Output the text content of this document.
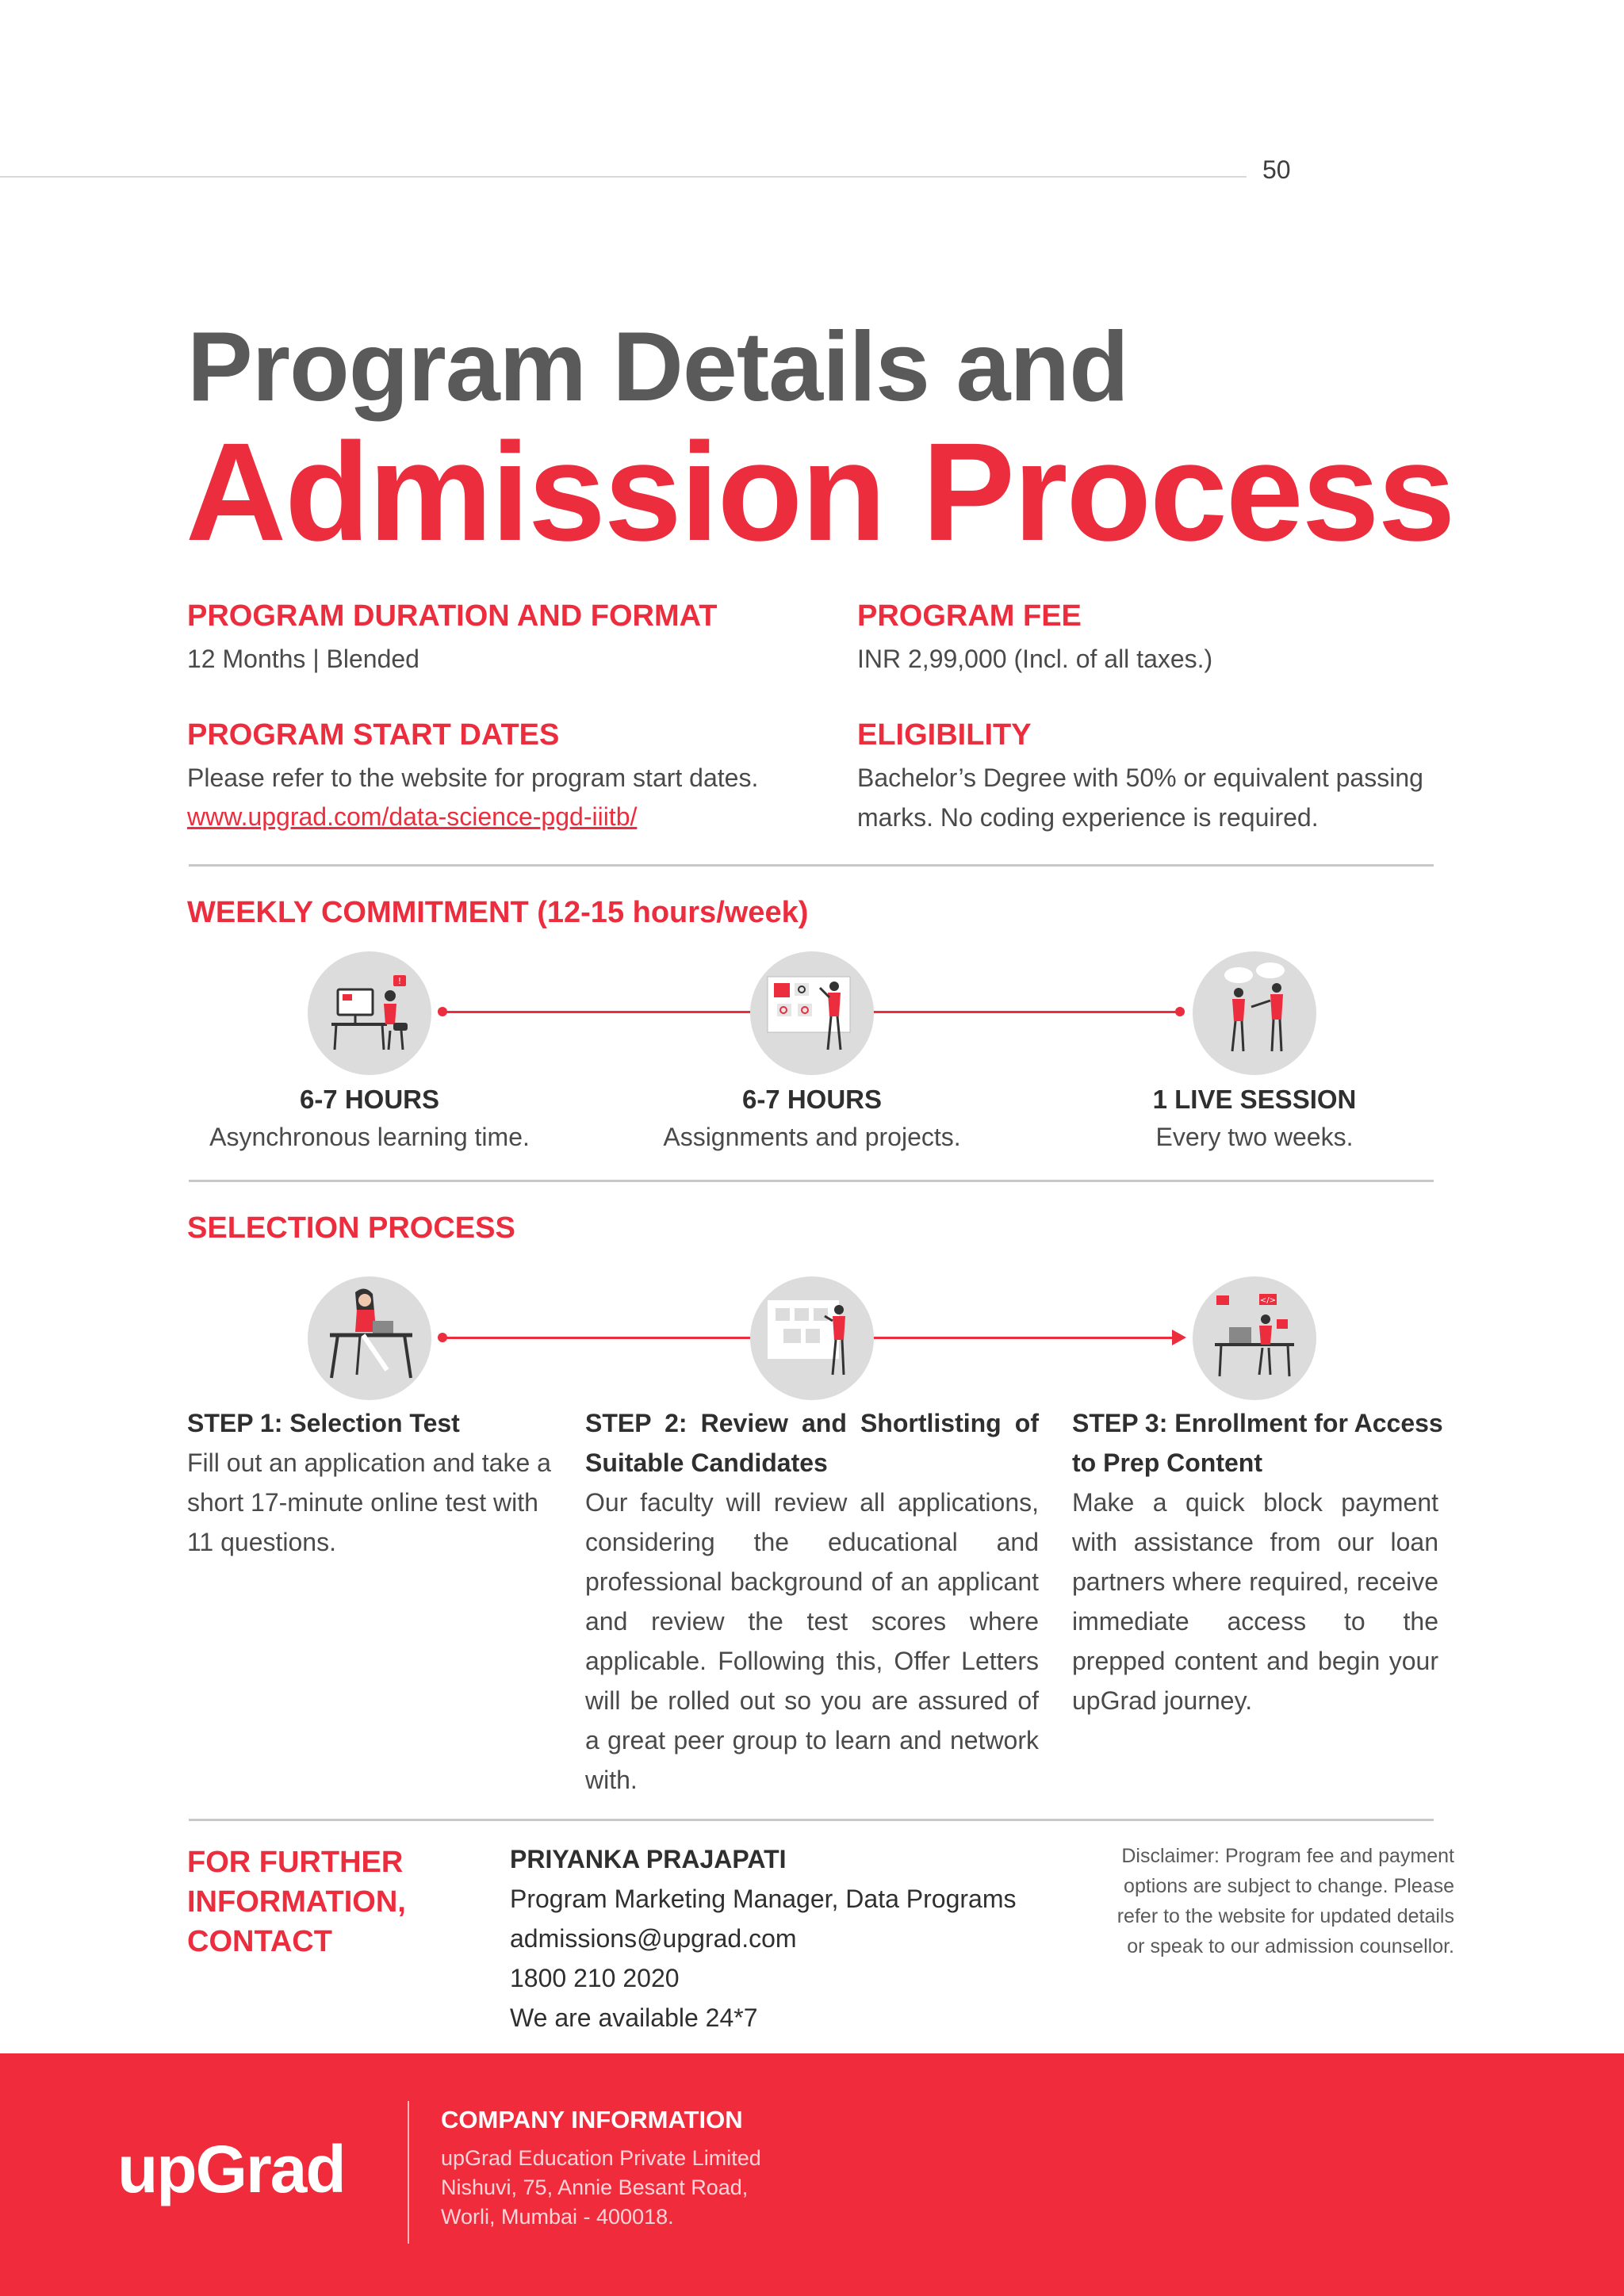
50
Program Details and
Admission Process
PROGRAM DURATION AND FORMAT
12 Months | Blended
PROGRAM FEE
INR 2,99,000 (Incl. of all taxes.)
PROGRAM START DATES
Please refer to the website for program start dates.
www.upgrad.com/data-science-pgd-iiitb/
ELIGIBILITY
Bachelor’s Degree with 50% or equivalent passing marks. No coding experience is required.
WEEKLY COMMITMENT (12-15 hours/week)
!
6-7 HOURS
Asynchronous learning time.
6-7 HOURS
Assignments and projects.
1 LIVE SESSION
Every two weeks.
SELECTION PROCESS
</>
STEP 1: Selection Test
Fill out an application and take a short 17-minute online test with 11 questions.
STEP 2: Review and Shortlisting of Suitable Candidates
Our faculty will review all applications, considering the educational and professional background of an applicant and review the test scores where applicable. Following this, Offer Letters will be rolled out so you are assured of a great peer group to learn and network with.
STEP 3: Enrollment for Access to Prep Content
Make a quick block payment with assistance from our loan partners where required, receive immediate access to the prepped content and begin your upGrad journey.
FOR FURTHER
INFORMATION,
CONTACT
PRIYANKA PRAJAPATI
Program Marketing Manager, Data Programs
admissions@upgrad.com
1800 210 2020
We are available 24*7
Disclaimer: Program fee and payment
options are subject to change. Please
refer to the website for updated details
or speak to our admission counsellor.
upGrad
COMPANY INFORMATION
upGrad Education Private Limited
Nishuvi, 75, Annie Besant Road,
Worli, Mumbai - 400018.
